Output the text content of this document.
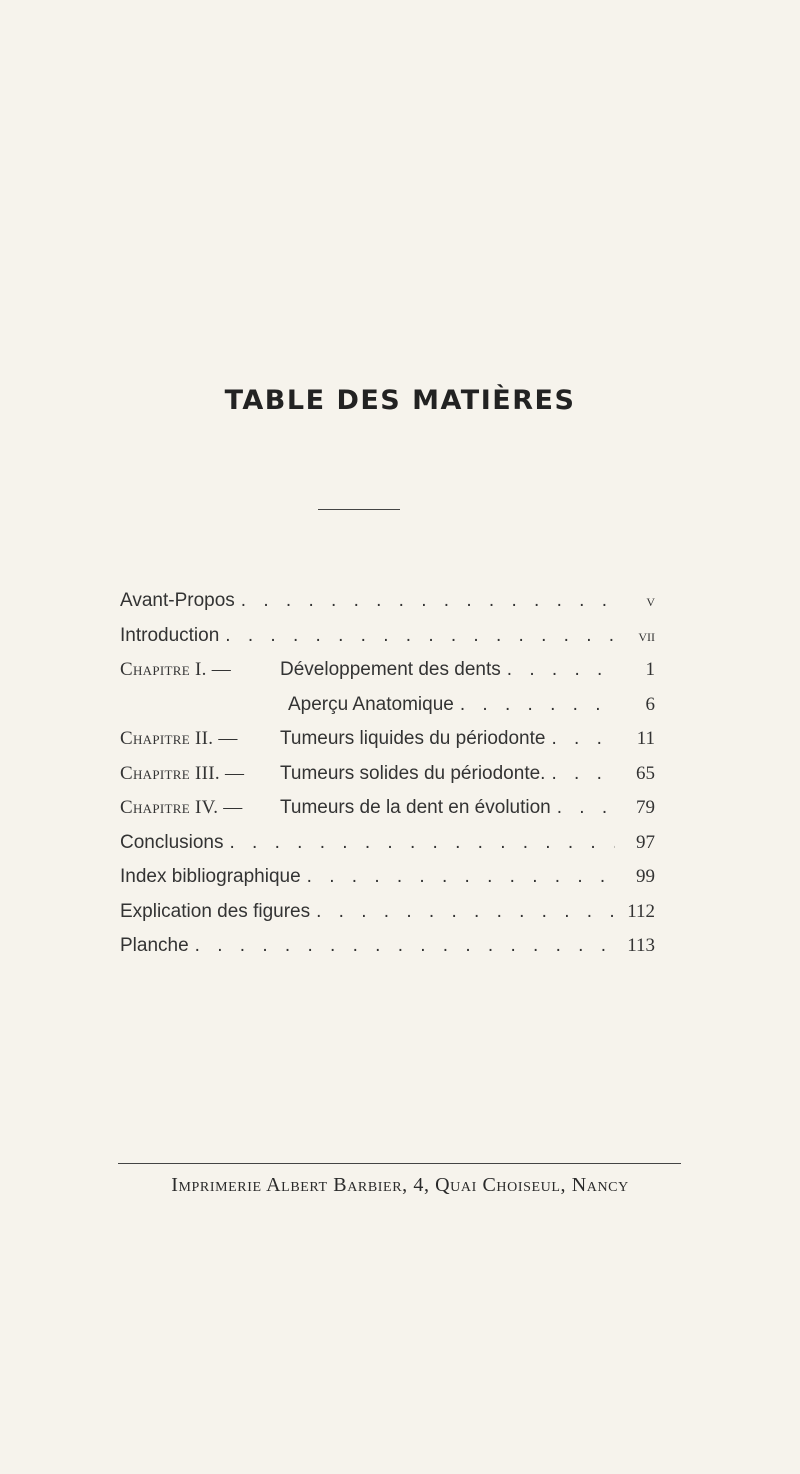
TABLE DES MATIÈRES
Avant-Propos . . .	v
Introduction . . .	vii
Chapitre I. —	Développement des dents . . .	1
Aperçu Anatomique . . .	6
Chapitre II. —	Tumeurs liquides du périodonte . . .	11
Chapitre III. —	Tumeurs solides du périodonte. . . .	65
Chapitre IV. —	Tumeurs de la dent en évolution . . .	79
Conclusions . . .	97
Index bibliographique . . .	99
Explication des figures . . .	112
Planche . . .	113
Imprimerie Albert Barbier, 4, Quai Choiseul, Nancy
